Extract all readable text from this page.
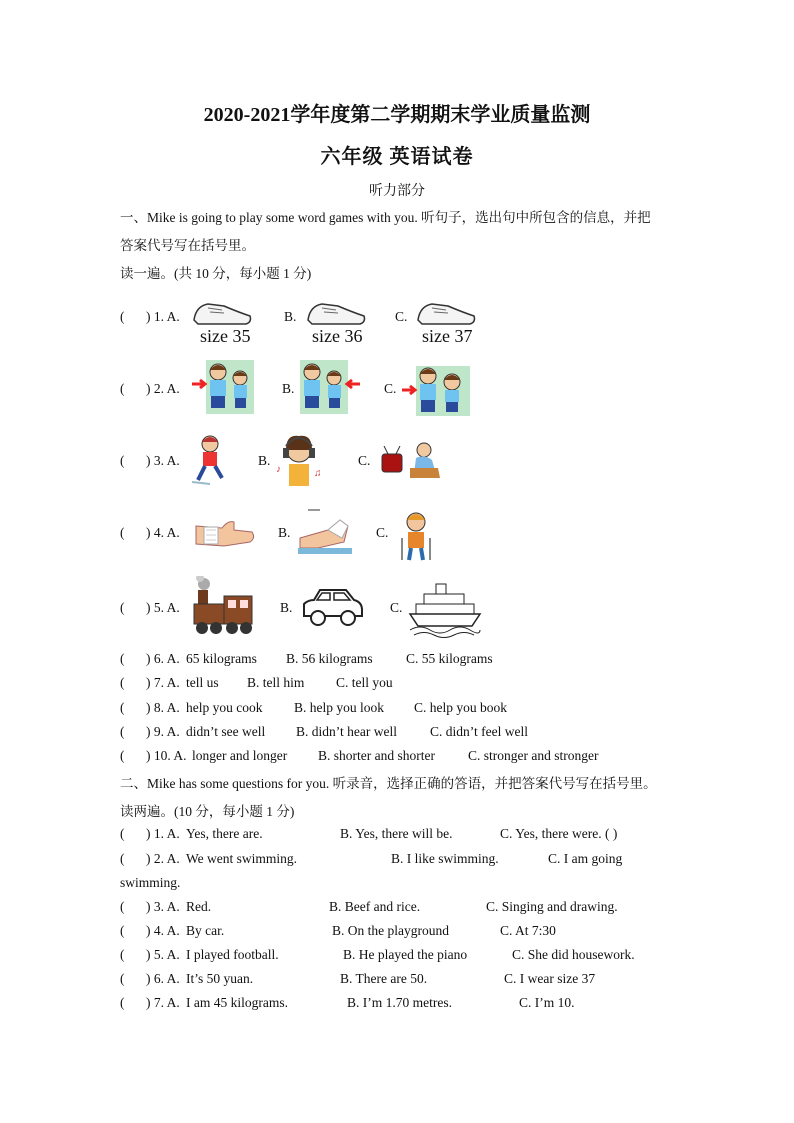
2020-2021学年度第二学期期末学业质量监测
六年级 英语试卷
听力部分
一、Mike is going to play some word games with you. 听句子，选出句中所包含的信息，并把
答案代号写在括号里。
读一遍。(共 10 分，每小题 1 分)
( ) 1. A.
size 35
B.
size 36
C.
size 37
( ) 2. A.	B.	C.
( ) 3. A.	B.
♪	♫
C.
( ) 4. A.	B.	C.
( ) 5. A.	B.	C.
( ) 6. A. 65 kilograms B. 56 kilograms C. 55 kilograms
( ) 7. A. tell us B. tell him C. tell you
( ) 8. A. help you cook B. help you look C. help you book
( ) 9. A. didn’t see well B. didn’t hear well C. didn’t feel well
( ) 10. A. longer and longer B. shorter and shorter C. stronger and stronger
二、Mike has some questions for you. 听录音，选择正确的答语，并把答案代号写在括号里。
读两遍。(10 分，每小题 1 分)
( ) 1. A. Yes, there are.	B. Yes, there will be.	C. Yes, there were. ( )
( ) 2. A. We went swimming.	B. I like swimming.	C. I am going
swimming.
( ) 3. A. Red.	B. Beef and rice.	C. Singing and drawing.
( ) 4. A. By car.	B. On the playground	C. At 7:30
( ) 5. A. I played football.	B. He played the piano	C. She did housework.
( ) 6. A. It’s 50 yuan.	B. There are 50.	C. I wear size 37
( ) 7. A. I am 45 kilograms.	B. I’m 1.70 metres.	C. I’m 10.
